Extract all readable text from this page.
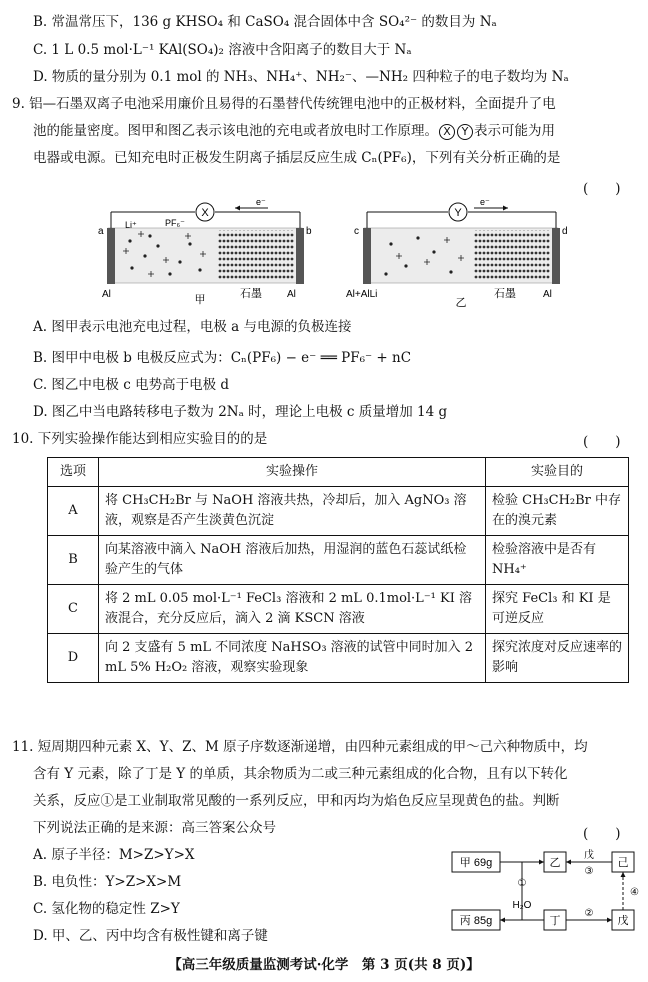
B. 常温常压下，136 g KHSO₄ 和 CaSO₄ 混合固体中含 SO₄²⁻ 的数目为 Nₐ
C. 1 L 0.5 mol·L⁻¹ KAl(SO₄)₂ 溶液中含阳离子的数目大于 Nₐ
D. 物质的量分别为 0.1 mol 的 NH₃、NH₄⁺、NH₂⁻、—NH₂ 四种粒子的电子数均为 Nₐ
9. 铝—石墨双离子电池采用廉价且易得的石墨替代传统锂电池中的正极材料，全面提升了电
池的能量密度。图甲和图乙表示该电池的充电或者放电时工作原理。 X Y 表示可能为用
电器或电源。已知充电时正极发生阴离子插层反应生成 Cₙ(PF₆)，下列有关分析正确的是
(　　)
X
e⁻
a	b
Li⁺	PF₆⁻
Al	甲	石墨	Al
Y
e⁻
c	d
Al+AlLi
乙
石墨	Al
A. 图甲表示电池充电过程，电极 a 与电源的负极连接
B. 图甲中电极 b 电极反应式为：Cₙ(PF₆) − e⁻ ══ PF₆⁻ + nC
C. 图乙中电极 c 电势高于电极 d
D. 图乙中当电路转移电子数为 2Nₐ 时，理论上电极 c 质量增加 14 g
10. 下列实验操作能达到相应实验目的的是	(　　)
选项	实验操作	实验目的
A	将 CH₃CH₂Br 与 NaOH 溶液共热，冷却后，加入 AgNO₃ 溶液，观察是否产生淡黄色沉淀	检验 CH₃CH₂Br 中存在的溴元素
B	向某溶液中滴入 NaOH 溶液后加热，用湿润的蓝色石蕊试纸检验产生的气体	检验溶液中是否有 NH₄⁺
C	将 2 mL 0.05 mol·L⁻¹ FeCl₃ 溶液和 2 mL 0.1mol·L⁻¹ KI 溶液混合，充分反应后，滴入 2 滴 KSCN 溶液	探究 FeCl₃ 和 KI 是可逆反应
D	向 2 支盛有 5 mL 不同浓度 NaHSO₃ 溶液的试管中同时加入 2 mL 5% H₂O₂ 溶液，观察实验现象	探究浓度对反应速率的影响
11. 短周期四种元素 X、Y、Z、M 原子序数逐渐递增，由四种元素组成的甲～己六种物质中，均
含有 Y 元素，除了丁是 Y 的单质，其余物质为二或三种元素组成的化合物，且有以下转化
关系，反应①是工业制取常见酸的一系列反应，甲和丙均为焰色反应呈现黄色的盐。判断
下列说法正确的是来源：高三答案公众号	(　　)
A. 原子半径：M>Z>Y>X
B. 电负性：Y>Z>X>M
C. 氢化物的稳定性 Z>Y
D. 甲、乙、丙中均含有极性键和离子键
甲 69g	乙	己
戊
③
①
H₂O
丙 85g	丁	戊
②
④
【高三年级质量监测考试·化学　第 3 页(共 8 页)】
